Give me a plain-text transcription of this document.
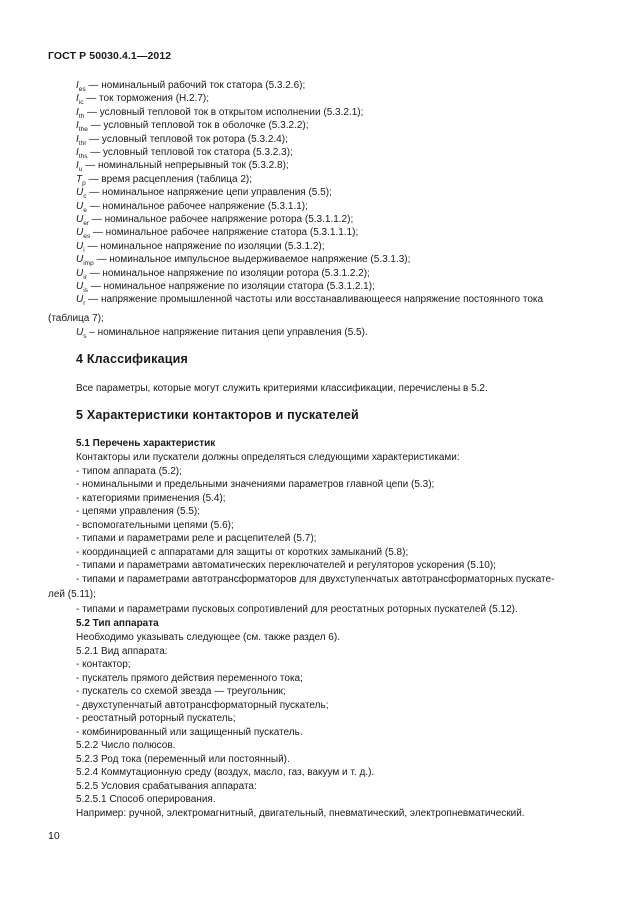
ГОСТ Р 50030.4.1—2012
$I_{es}$ — номинальный рабочий ток статора (5.3.2.6);
$I_{ic}$ — ток торможения (Н.2.7);
$I_{th}$ — условный тепловой ток в открытом исполнении (5.3.2.1);
$I_{the}$ — условный тепловой ток в оболочке (5.3.2.2);
$I_{thr}$ — условный тепловой ток ротора (5.3.2.4);
$I_{ths}$ — условный тепловой ток статора (5.3.2.3);
$I_u$ — номинальный непрерывный ток (5.3.2.8);
$T_p$ — время расцепления (таблица 2);
$U_c$ — номинальное напряжение цепи управления (5.5);
$U_e$ — номинальное рабочее напряжение (5.3.1.1);
$U_{er}$ — номинальное рабочее напряжение ротора (5.3.1.1.2);
$U_{es}$ — номинальное рабочее напряжение статора (5.3.1.1.1);
$U_i$ — номинальное напряжение по изоляции (5.3.1.2);
$U_{imp}$ — номинальное импульсное выдерживаемое напряжение (5.3.1.3);
$U_{ir}$ — номинальное напряжение по изоляции ротора (5.3.1.2.2);
$U_{is}$ — номинальное напряжение по изоляции статора (5.3.1.2.1);
$U_r$ — напряжение промышленной частоты или восстанавливающееся напряжение постоянного тока
(таблица 7);
$U_s$ – номинальное напряжение питания цепи управления (5.5).
4 Классификация
Все параметры, которые могут служить критериями классификации, перечислены в 5.2.
5 Характеристики контакторов и пускателей
5.1 Перечень характеристик
Контакторы или пускатели должны определяться следующими характеристиками:
- типом аппарата (5.2);
- номинальными и предельными значениями параметров главной цепи (5.3);
- категориями применения (5.4);
- цепями управления (5.5);
- вспомогательными цепями (5.6);
- типами и параметрами реле и расцепителей (5.7);
- координацией с аппаратами для защиты от коротких замыканий (5.8);
- типами и параметрами автоматических переключателей и регуляторов ускорения (5.10);
- типами и параметрами автотрансформаторов для двухступенчатых автотрансформаторных пускате-
лей (5.11);
- типами и параметрами пусковых сопротивлений для реостатных роторных пускателей (5.12).
5.2 Тип аппарата
Необходимо указывать следующее (см. также раздел 6).
5.2.1 Вид аппарата:
- контактор;
- пускатель прямого действия переменного тока;
- пускатель со схемой звезда — треугольник;
- двухступенчатый автотрансформаторный пускатель;
- реостатный роторный пускатель;
- комбинированный или защищенный пускатель.
5.2.2 Число полюсов.
5.2.3 Род тока (переменный или постоянный).
5.2.4 Коммутационную среду (воздух, масло, газ, вакуум и т. д.).
5.2.5 Условия срабатывания аппарата:
5.2.5.1 Способ оперирования.
Например: ручной, электромагнитный, двигательный, пневматический, электропневматический.
10
